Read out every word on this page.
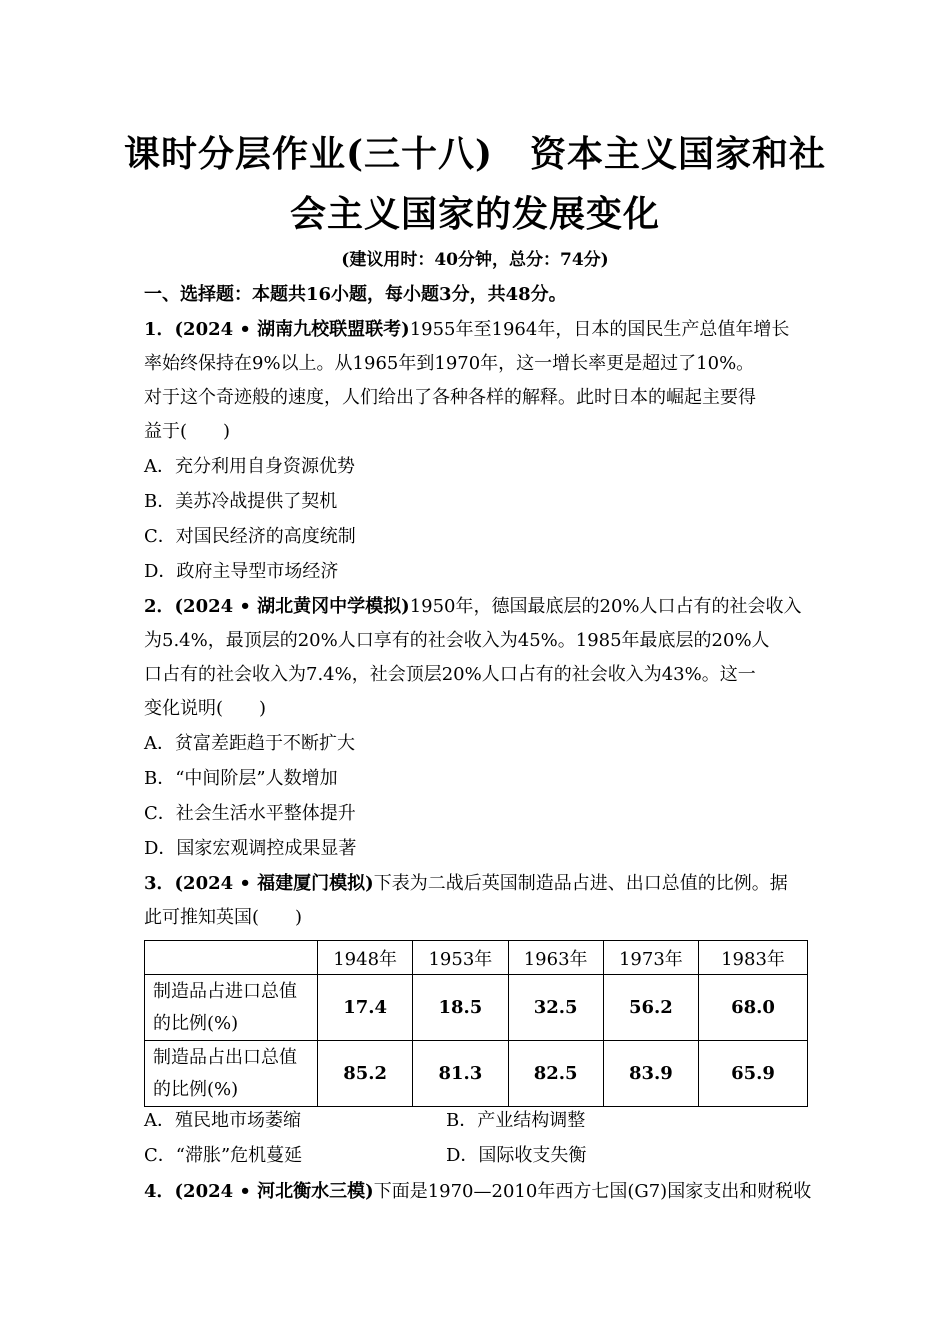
课时分层作业(三十八)　资本主义国家和社
会主义国家的发展变化
(建议用时：40分钟，总分：74分)
一、选择题：本题共16小题，每小题3分，共48分。
1．(2024 • 湖南九校联盟联考)1955年至1964年，日本的国民生产总值年增长
率始终保持在9%以上。从1965年到1970年，这一增长率更是超过了10%。
对于这个奇迹般的速度，人们给出了各种各样的解释。此时日本的崛起主要得
益于(　　)
A．充分利用自身资源优势
B．美苏冷战提供了契机
C．对国民经济的高度统制
D．政府主导型市场经济
2．(2024 • 湖北黄冈中学模拟)1950年，德国最底层的20%人口占有的社会收入
为5.4%，最顶层的20%人口享有的社会收入为45%。1985年最底层的20%人
口占有的社会收入为7.4%，社会顶层20%人口占有的社会收入为43%。这一
变化说明(　　)
A．贫富差距趋于不断扩大
B．“中间阶层”人数增加
C．社会生活水平整体提升
D．国家宏观调控成果显著
3．(2024 • 福建厦门模拟)下表为二战后英国制造品占进、出口总值的比例。据
此可推知英国(　　)
	1948年	1953年	1963年	1973年	1983年
制造品占进口总值
的比例(%)	17.4	18.5	32.5	56.2	68.0
制造品占出口总值
的比例(%)	85.2	81.3	82.5	83.9	65.9
A．殖民地市场萎缩	B．产业结构调整
C．“滞胀”危机蔓延	D．国际收支失衡
4．(2024 • 河北衡水三模)下面是1970—2010年西方七国(G7)国家支出和财税收
